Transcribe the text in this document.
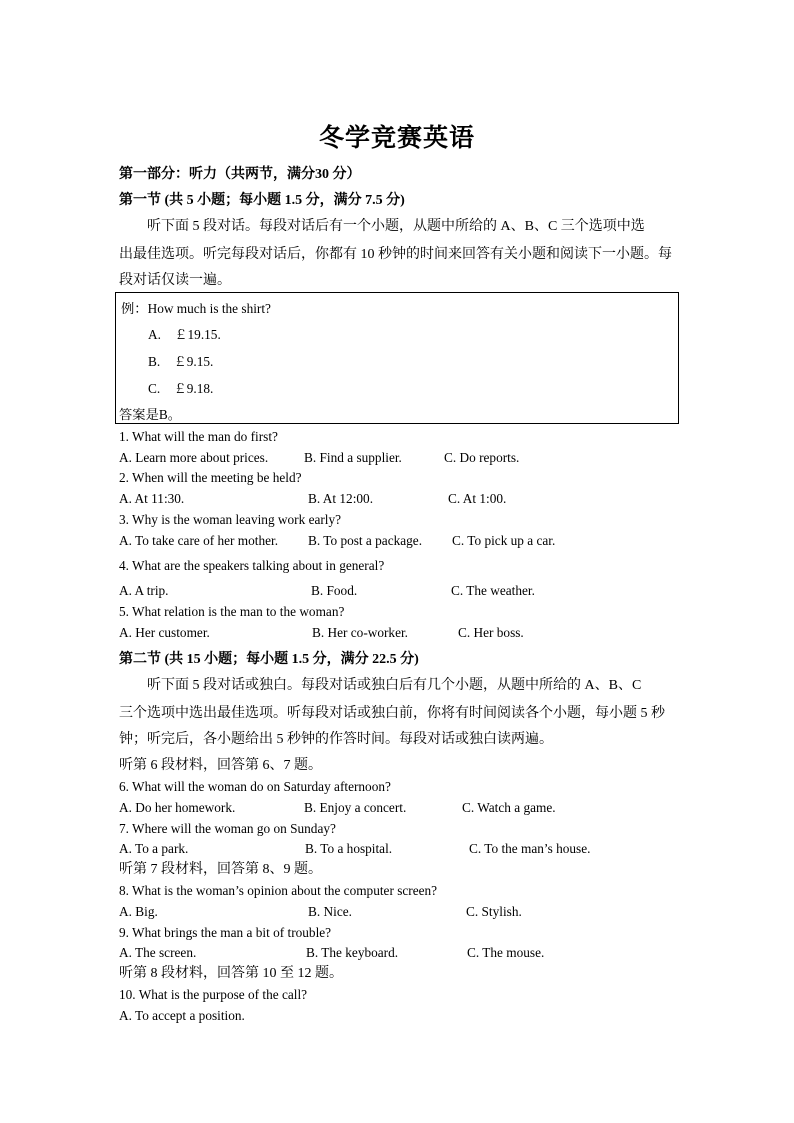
冬学竞赛英语
第一部分：听力（共两节，满分30 分）
第一节 (共 5 小题；每小题 1.5 分，满分 7.5 分)
听下面 5 段对话。每段对话后有一个小题，从题中所给的 A、B、C 三个选项中选
出最佳选项。听完每段对话后，你都有 10 秒钟的时间来回答有关小题和阅读下一小题。每
段对话仅读一遍。
例：How much is the shirt?
A.　￡19.15.
B.　￡9.15.
C.　￡9.18.
答案是B。
1. What will the man do first?
A. Learn more about prices.	B. Find a supplier.	C. Do reports.
2. When will the meeting be held?
A. At 11:30.	B. At 12:00.	C. At 1:00.
3. Why is the woman leaving work early?
A. To take care of her mother. B. To post a package. C. To pick up a car.
4. What are the speakers talking about in general?
A. A trip.	B. Food.	C. The weather.
5. What relation is the man to the woman?
A. Her customer.	B. Her co-worker.	C. Her boss.
第二节 (共 15 小题；每小题 1.5 分，满分 22.5 分)
听下面 5 段对话或独白。每段对话或独白后有几个小题，从题中所给的 A、B、C
三个选项中选出最佳选项。听每段对话或独白前，你将有时间阅读各个小题，每小题 5 秒
钟；听完后，各小题给出 5 秒钟的作答时间。每段对话或独白读两遍。
听第 6 段材料，回答第 6、7 题。
6. What will the woman do on Saturday afternoon?
A. Do her homework.	B. Enjoy a concert.	C. Watch a game.
7. Where will the woman go on Sunday?
A. To a park.	B. To a hospital.	C. To the man’s house.
听第 7 段材料，回答第 8、9 题。
8. What is the woman’s opinion about the computer screen?
A. Big.	B. Nice.	C. Stylish.
9. What brings the man a bit of trouble?
A. The screen.	B. The keyboard.	C. The mouse.
听第 8 段材料，回答第 10 至 12 题。
10. What is the purpose of the call?
A. To accept a position.
